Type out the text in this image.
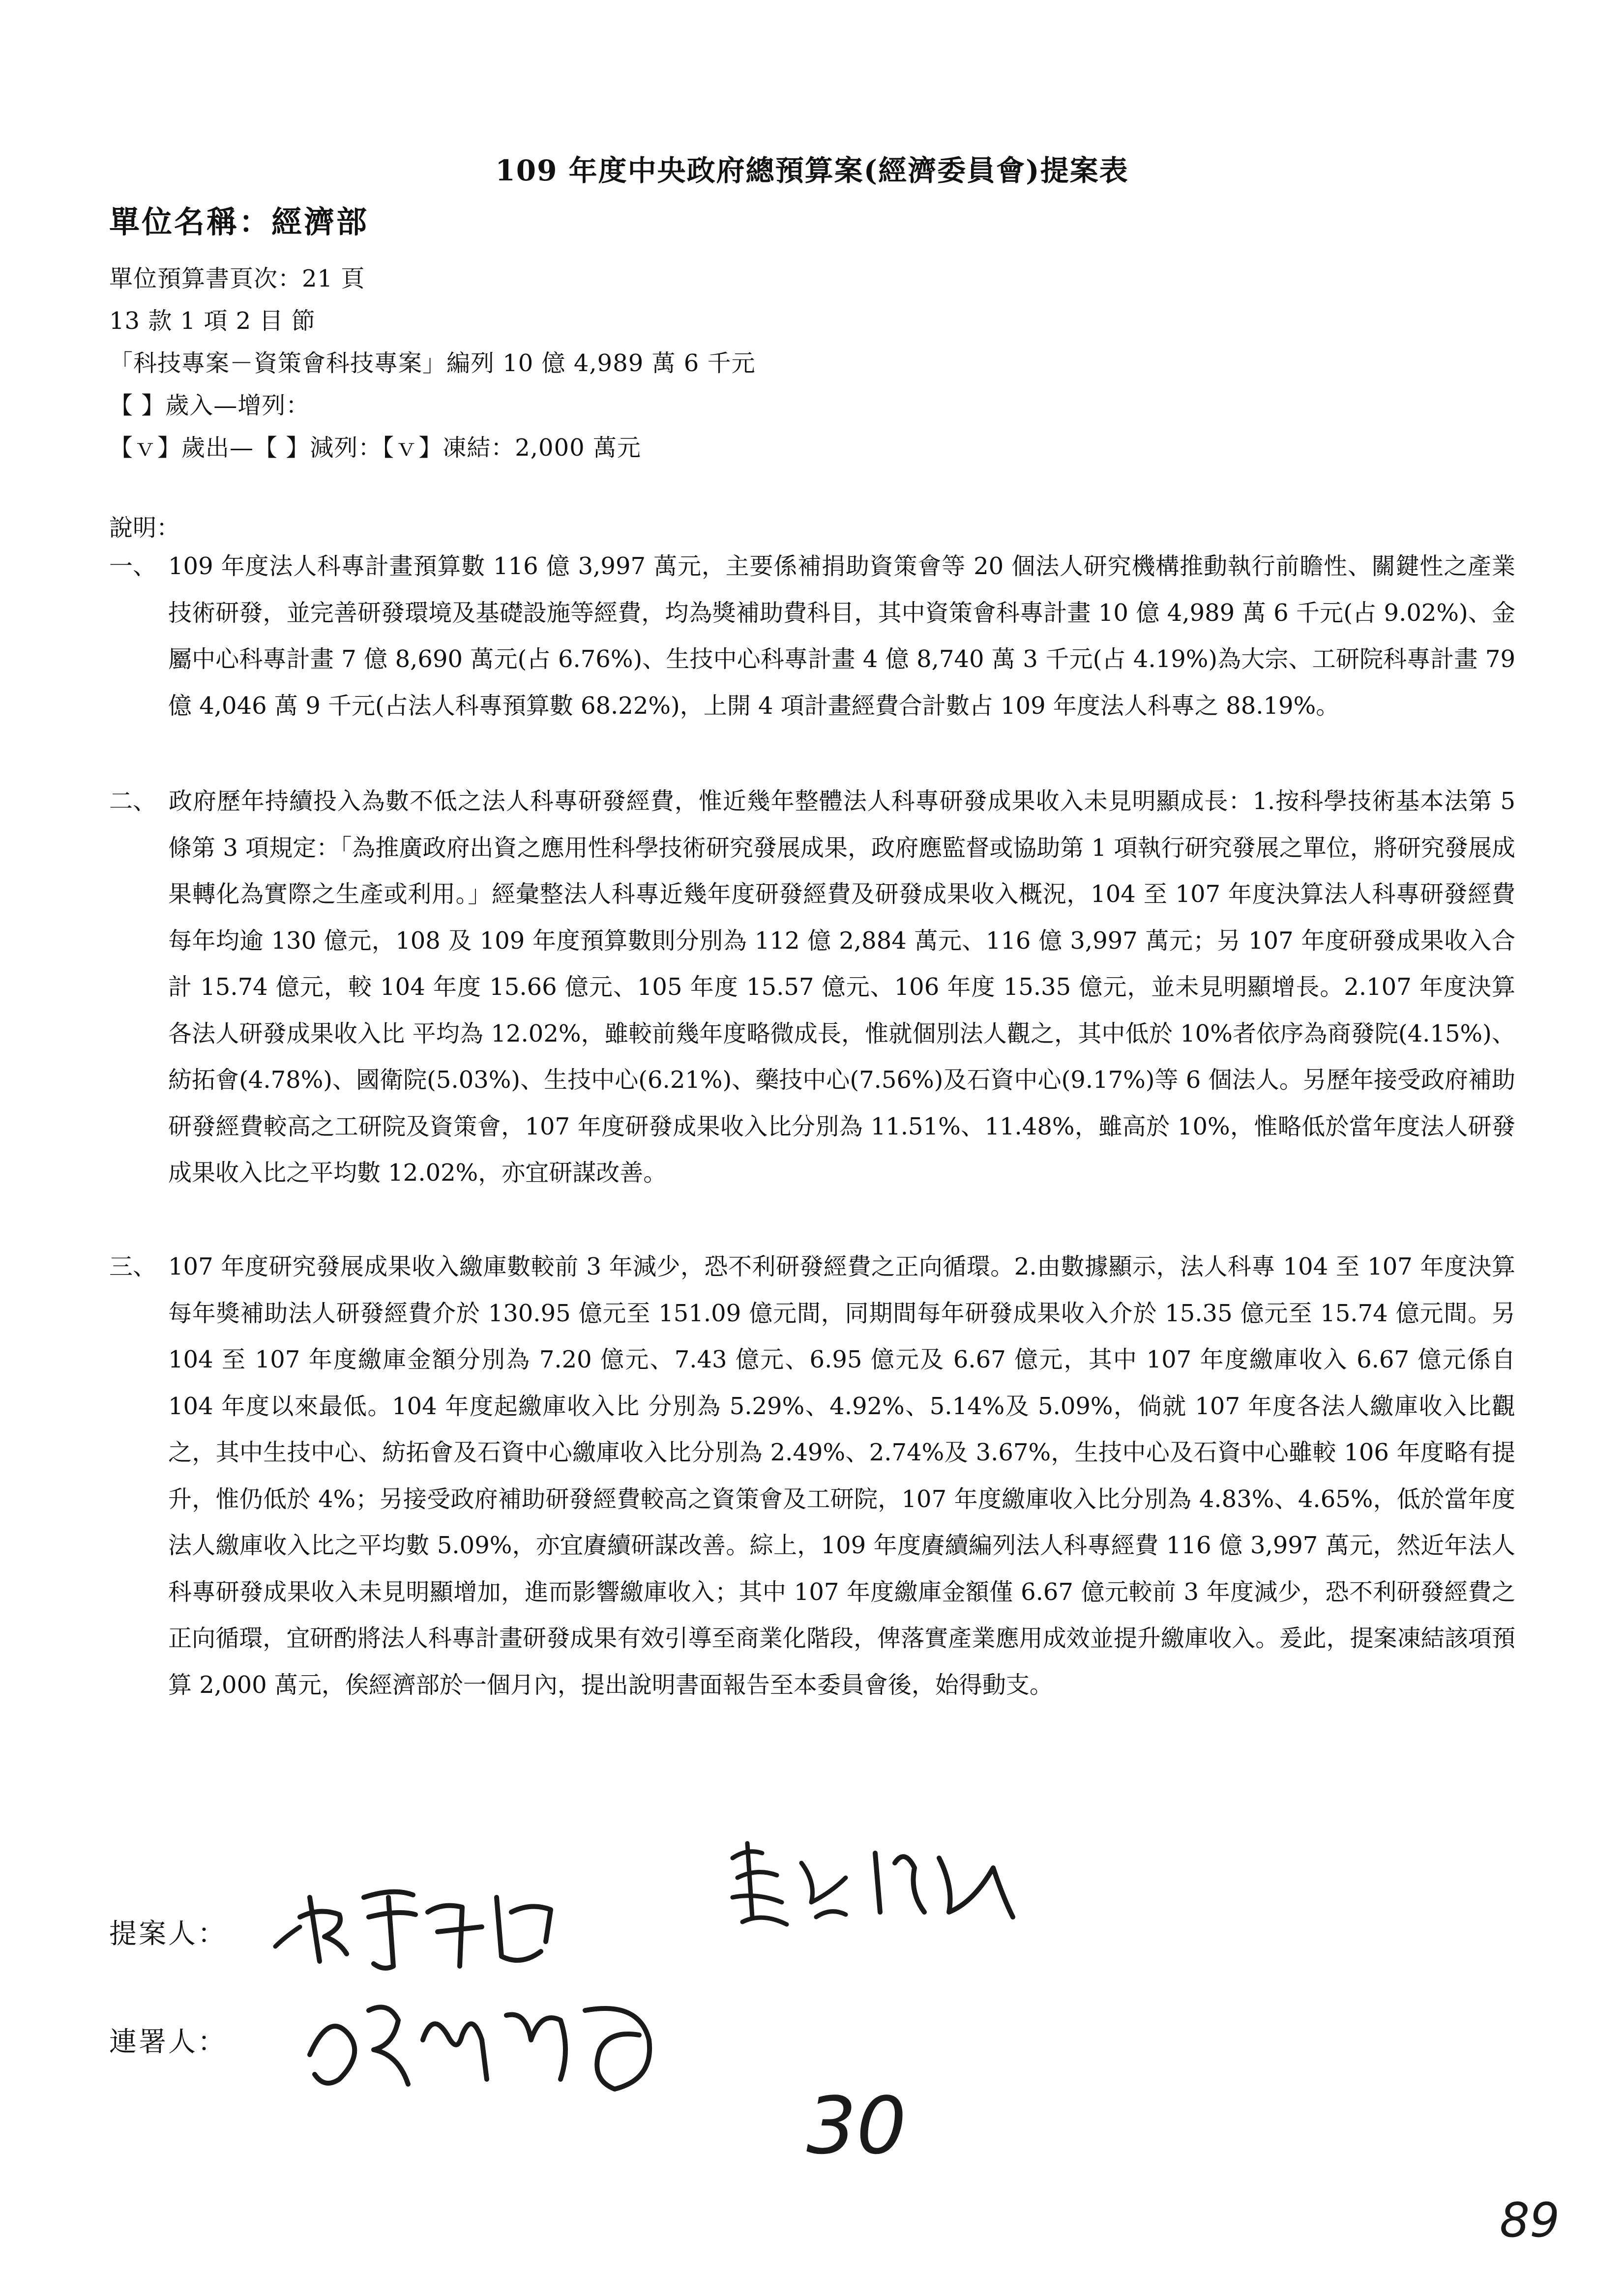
109 年度中央政府總預算案(經濟委員會)提案表
單位名稱：經濟部
單位預算書頁次：21 頁
13 款 1 項 2 目 節
「科技專案－資策會科技專案」編列 10 億 4,989 萬 6 千元
【 】歲入—增列：
【ｖ】歲出—【 】減列：【ｖ】凍結：2,000 萬元
說明：

一、 109 年度法人科專計畫預算數 116 億 3,997 萬元，主要係補捐助資策會等 20 個法人研究機構推動執行前瞻性、關鍵性之產業技術研發，並完善研發環境及基礎設施等經費，均為獎補助費科目，其中資策會科專計畫 10 億 4,989 萬 6 千元(占 9.02%)、金屬中心科專計畫 7 億 8,690 萬元(占 6.76%)、生技中心科專計畫 4 億 8,740 萬 3 千元(占 4.19%)為大宗、工研院科專計畫 79 億 4,046 萬 9 千元(占法人科專預算數 68.22%)，上開 4 項計畫經費合計數占 109 年度法人科專之 88.19%。

二、 政府歷年持續投入為數不低之法人科專研發經費，惟近幾年整體法人科專研發成果收入未見明顯成長：1.按科學技術基本法第 5 條第 3 項規定：「為推廣政府出資之應用性科學技術研究發展成果，政府應監督或協助第 1 項執行研究發展之單位，將研究發展成果轉化為實際之生產或利用。」經彙整法人科專近幾年度研發經費及研發成果收入概況，104 至 107 年度決算法人科專研發經費每年均逾 130 億元，108 及 109 年度預算數則分別為 112 億 2,884 萬元、116 億 3,997 萬元；另 107 年度研發成果收入合計 15.74 億元，較 104 年度 15.66 億元、105 年度 15.57 億元、106 年度 15.35 億元，並未見明顯增長。2.107 年度決算各法人研發成果收入比 平均為 12.02%，雖較前幾年度略微成長，惟就個別法人觀之，其中低於 10%者依序為商發院(4.15%)、紡拓會(4.78%)、國衛院(5.03%)、生技中心(6.21%)、藥技中心(7.56%)及石資中心(9.17%)等 6 個法人。另歷年接受政府補助研發經費較高之工研院及資策會，107 年度研發成果收入比分別為 11.51%、11.48%，雖高於 10%，惟略低於當年度法人研發成果收入比之平均數 12.02%，亦宜研謀改善。

三、 107 年度研究發展成果收入繳庫數較前 3 年減少，恐不利研發經費之正向循環。2.由數據顯示，法人科專 104 至 107 年度決算每年獎補助法人研發經費介於 130.95 億元至 151.09 億元間，同期間每年研發成果收入介於 15.35 億元至 15.74 億元間。另 104 至 107 年度繳庫金額分別為 7.20 億元、7.43 億元、6.95 億元及 6.67 億元，其中 107 年度繳庫收入 6.67 億元係自 104 年度以來最低。104 年度起繳庫收入比 分別為 5.29%、4.92%、5.14%及 5.09%，倘就 107 年度各法人繳庫收入比觀之，其中生技中心、紡拓會及石資中心繳庫收入比分別為 2.49%、2.74%及 3.67%，生技中心及石資中心雖較 106 年度略有提升，惟仍低於 4%；另接受政府補助研發經費較高之資策會及工研院，107 年度繳庫收入比分別為 4.83%、4.65%，低於當年度法人繳庫收入比之平均數 5.09%，亦宜賡續研謀改善。綜上，109 年度賡續編列法人科專經費 116 億 3,997 萬元，然近年法人科專研發成果收入未見明顯增加，進而影響繳庫收入；其中 107 年度繳庫金額僅 6.67 億元較前 3 年度減少，恐不利研發經費之正向循環，宜研酌將法人科專計畫研發成果有效引導至商業化階段，俾落實產業應用成效並提升繳庫收入。爰此，提案凍結該項預算 2,000 萬元，俟經濟部於一個月內，提出說明書面報告至本委員會後，始得動支。

提案人：
連署人：
30
89
